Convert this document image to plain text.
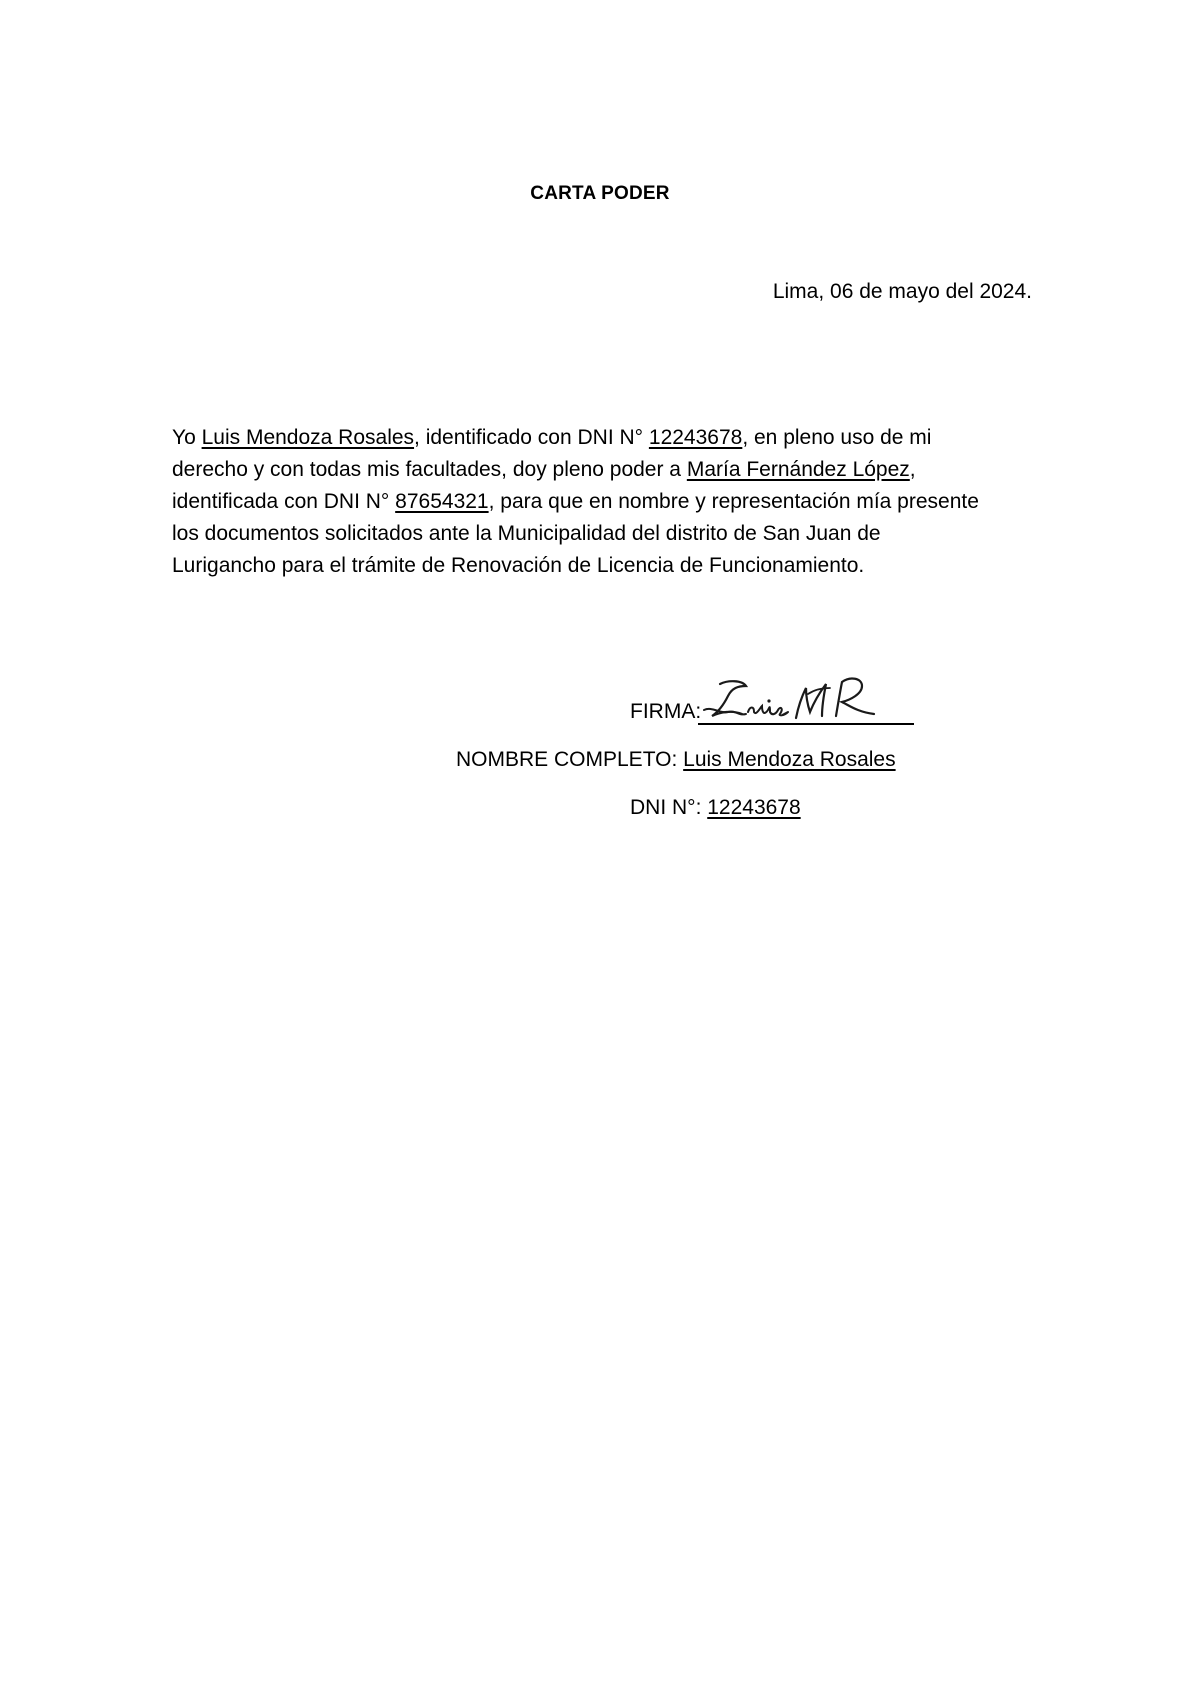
CARTA PODER

Lima, 06 de mayo del 2024.

Yo Luis Mendoza Rosales, identificado con DNI N° 12243678, en pleno uso de mi
derecho y con todas mis facultades, doy pleno poder a María Fernández López,
identificada con DNI N° 87654321, para que en nombre y representación mía presente
los documentos solicitados ante la Municipalidad del distrito de San Juan de
Lurigancho para el trámite de Renovación de Licencia de Funcionamiento.

FIRMA:
NOMBRE COMPLETO: Luis Mendoza Rosales
DNI N°: 12243678
